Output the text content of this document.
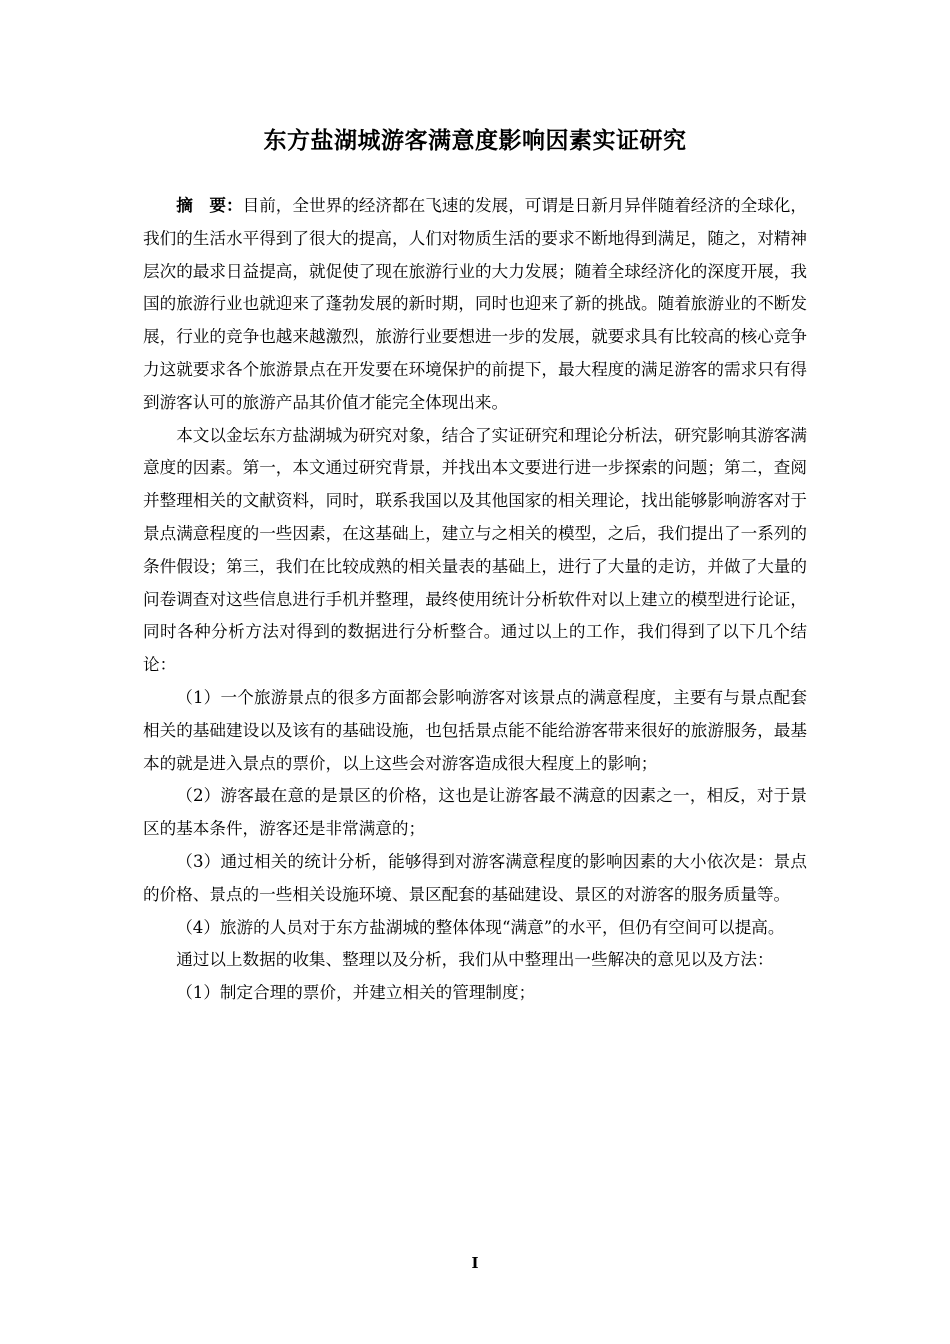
东方盐湖城游客满意度影响因素实证研究

摘　要：目前，全世界的经济都在飞速的发展，可谓是日新月异伴随着经济的全球化，我们的生活水平得到了很大的提高，人们对物质生活的要求不断地得到满足，随之，对精神层次的最求日益提高，就促使了现在旅游行业的大力发展；随着全球经济化的深度开展，我国的旅游行业也就迎来了蓬勃发展的新时期，同时也迎来了新的挑战。随着旅游业的不断发展，行业的竞争也越来越激烈，旅游行业要想进一步的发展，就要求具有比较高的核心竞争力这就要求各个旅游景点在开发要在环境保护的前提下，最大程度的满足游客的需求只有得到游客认可的旅游产品其价值才能完全体现出来。

本文以金坛东方盐湖城为研究对象，结合了实证研究和理论分析法，研究影响其游客满意度的因素。第一，本文通过研究背景，并找出本文要进行进一步探索的问题；第二，查阅并整理相关的文献资料，同时，联系我国以及其他国家的相关理论，找出能够影响游客对于景点满意程度的一些因素，在这基础上，建立与之相关的模型，之后，我们提出了一系列的条件假设；第三，我们在比较成熟的相关量表的基础上，进行了大量的走访，并做了大量的问卷调查对这些信息进行手机并整理，最终使用统计分析软件对以上建立的模型进行论证，同时各种分析方法对得到的数据进行分析整合。通过以上的工作，我们得到了以下几个结论：

（1）一个旅游景点的很多方面都会影响游客对该景点的满意程度，主要有与景点配套相关的基础建设以及该有的基础设施，也包括景点能不能给游客带来很好的旅游服务，最基本的就是进入景点的票价，以上这些会对游客造成很大程度上的影响；

（2）游客最在意的是景区的价格，这也是让游客最不满意的因素之一，相反，对于景区的基本条件，游客还是非常满意的；

（3）通过相关的统计分析，能够得到对游客满意程度的影响因素的大小依次是：景点的价格、景点的一些相关设施环境、景区配套的基础建设、景区的对游客的服务质量等。

（4）旅游的人员对于东方盐湖城的整体体现“满意”的水平，但仍有空间可以提高。

通过以上数据的收集、整理以及分析，我们从中整理出一些解决的意见以及方法：

（1）制定合理的票价，并建立相关的管理制度；

I
